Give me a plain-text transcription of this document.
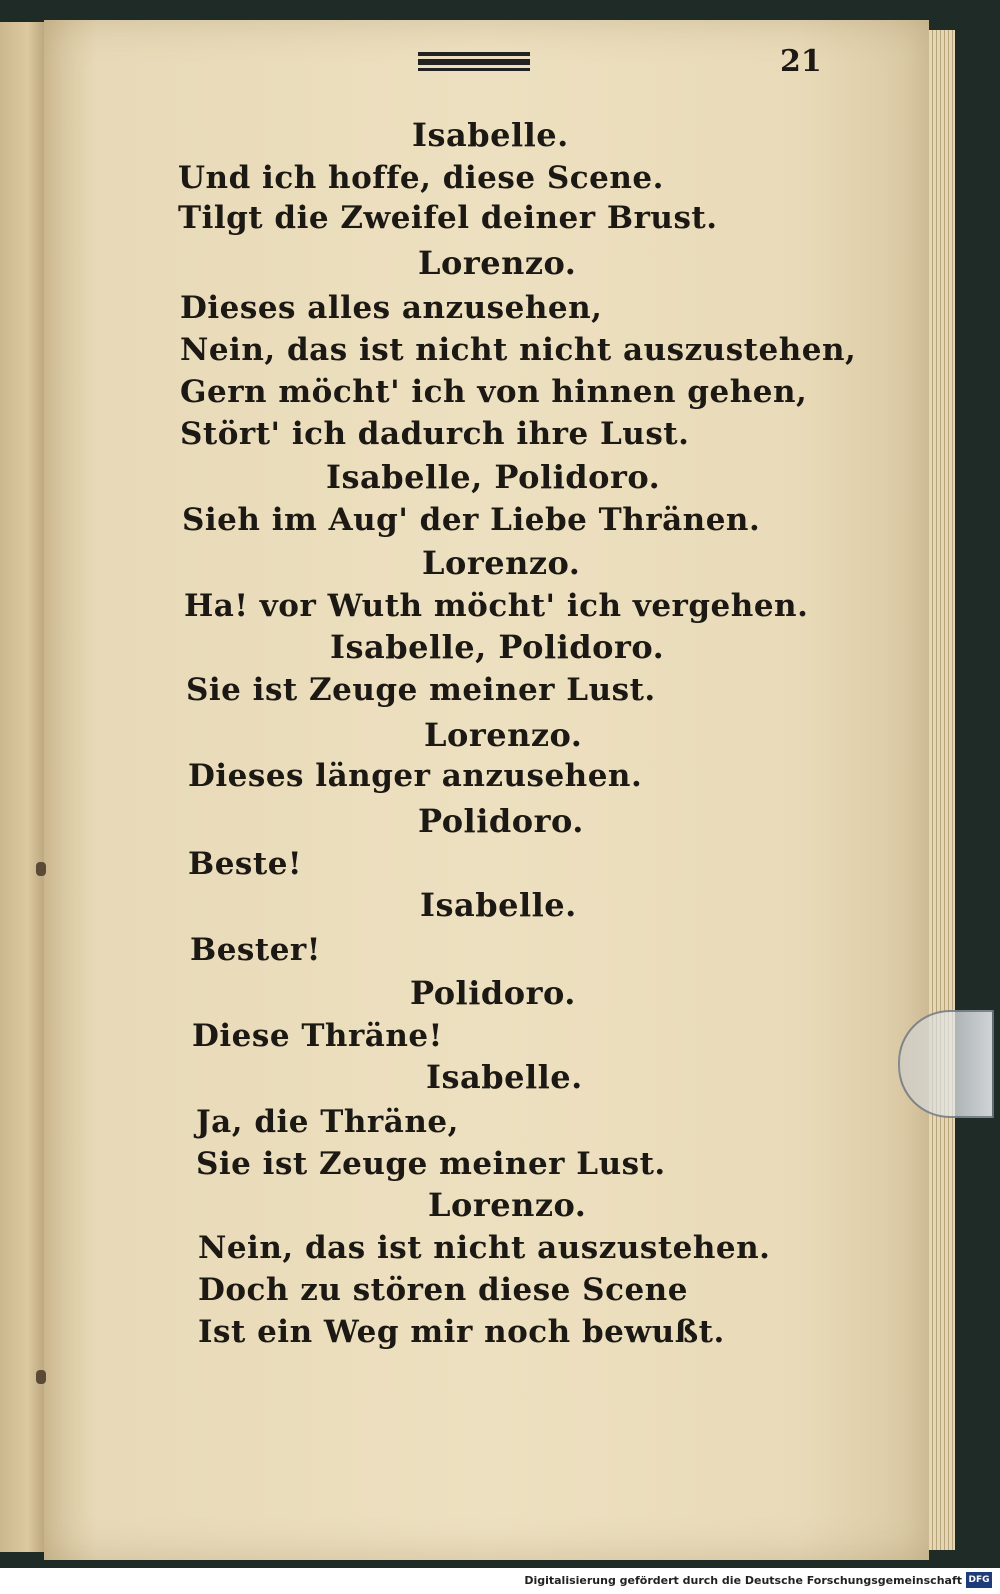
21
Isabelle.
Und ich hoffe, diese Scene.
Tilgt die Zweifel deiner Brust.
Lorenzo.
Dieses alles anzusehen,
Nein, das ist nicht nicht auszustehen,
Gern möcht' ich von hinnen gehen,
Stört' ich dadurch ihre Lust.
Isabelle, Polidoro.
Sieh im Aug' der Liebe Thränen.
Lorenzo.
Ha! vor Wuth möcht' ich vergehen.
Isabelle, Polidoro.
Sie ist Zeuge meiner Lust.
Lorenzo.
Dieses länger anzusehen.
Polidoro.
Beste!
Isabelle.
Bester!
Polidoro.
Diese Thräne!
Isabelle.
Ja, die Thräne,
Sie ist Zeuge meiner Lust.
Lorenzo.
Nein, das ist nicht auszustehen.
Doch zu stören diese Scene
Ist ein Weg mir noch bewußt.
Digitalisierung gefördert durch die Deutsche Forschungsgemeinschaft DFG
